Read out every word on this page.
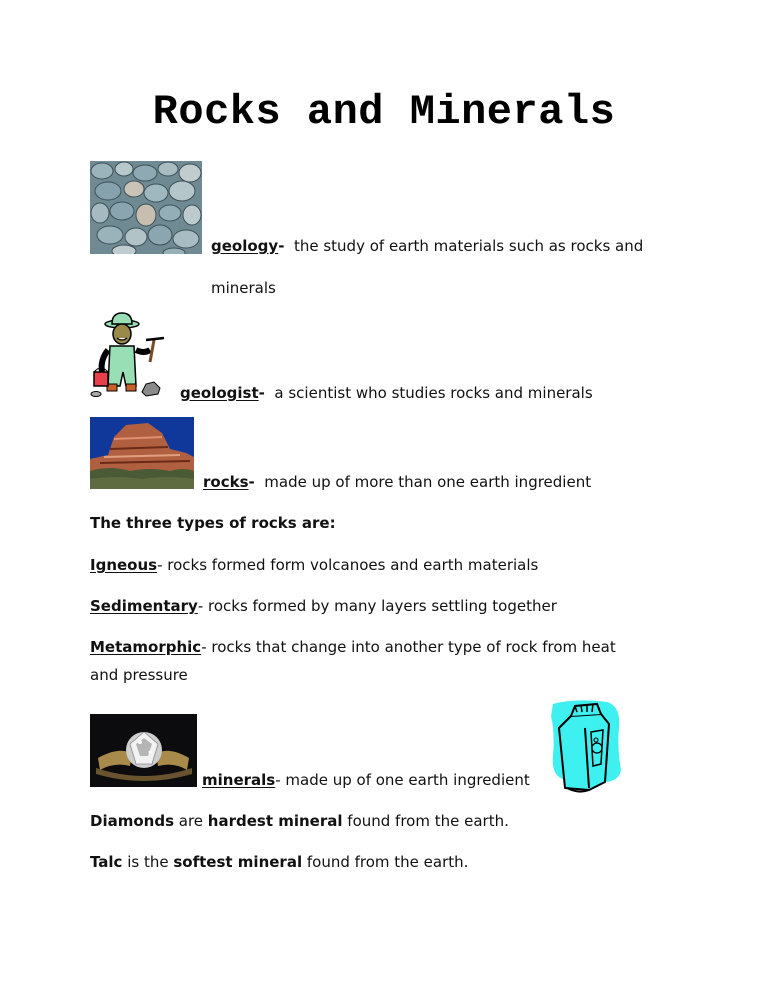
Rocks and Minerals
geology-  the study of earth materials such as rocks and
minerals
geologist-  a scientist who studies rocks and minerals
rocks-  made up of more than one earth ingredient
The three types of rocks are:
Igneous- rocks formed form volcanoes and earth materials
Sedimentary- rocks formed by many layers settling together
Metamorphic- rocks that change into another type of rock from heat
and pressure
minerals- made up of one earth ingredient
Diamonds are hardest mineral found from the earth.
Talc is the softest mineral found from the earth.
